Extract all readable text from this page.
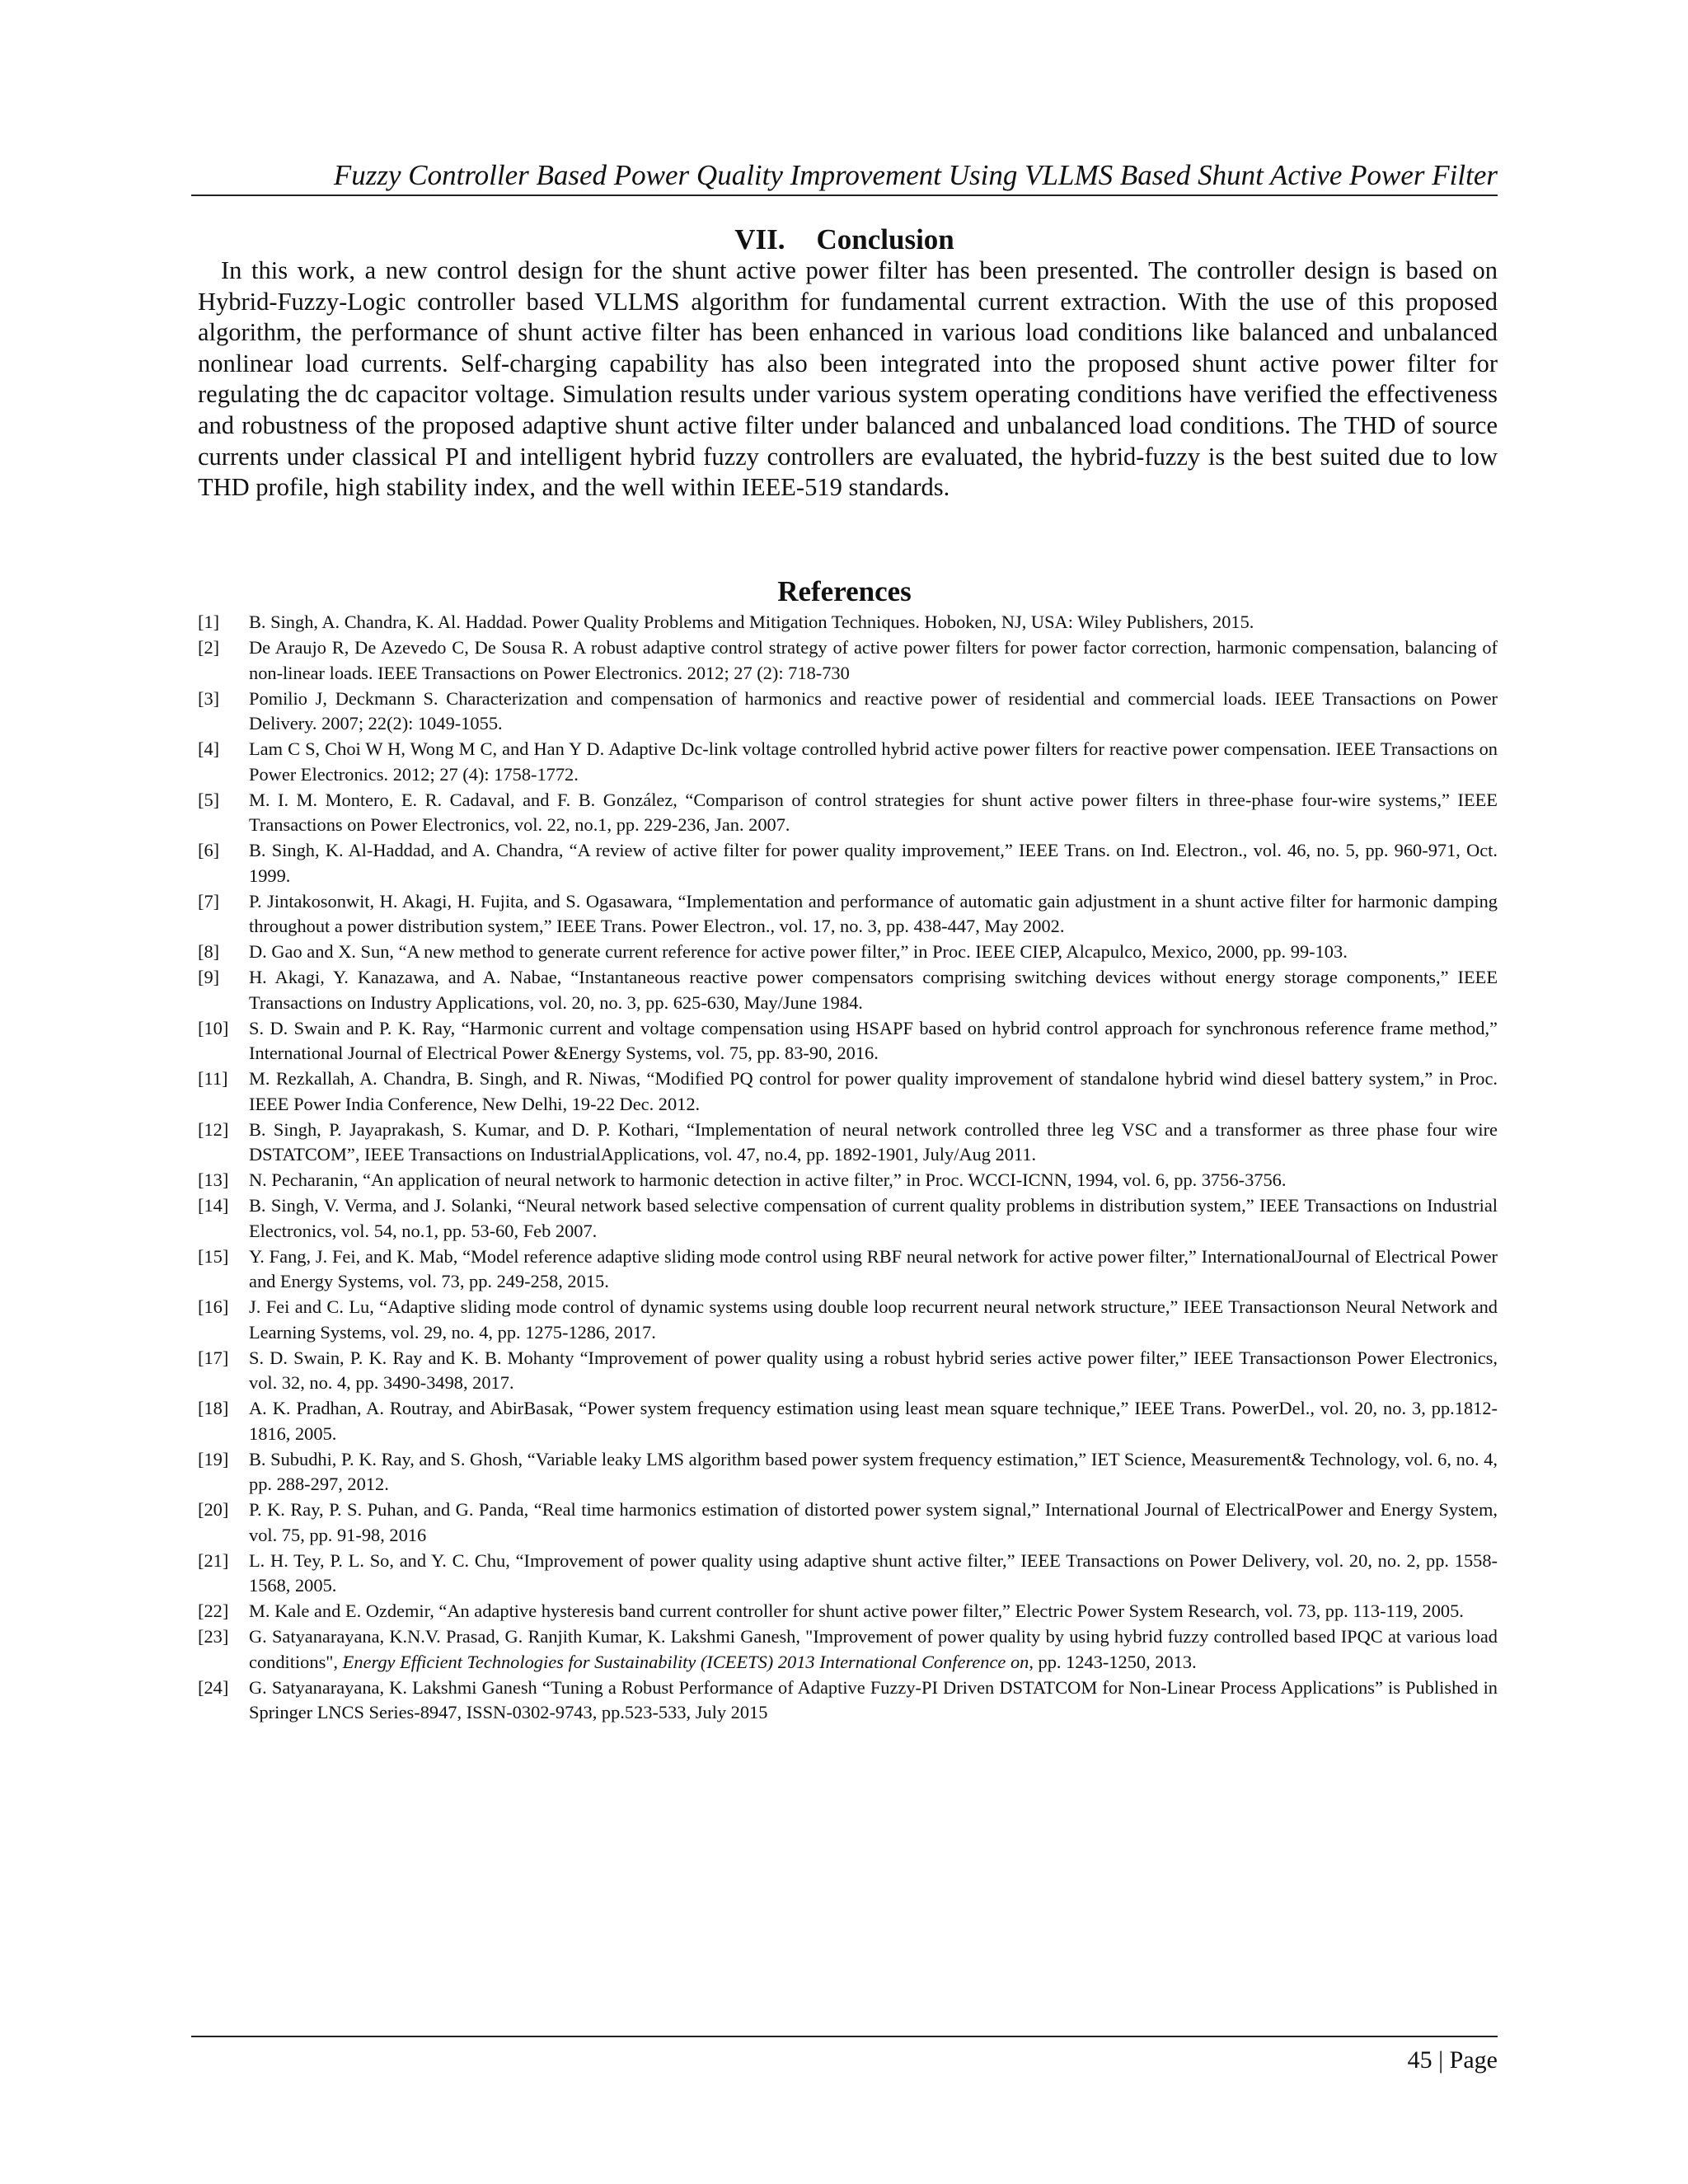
Fuzzy Controller Based Power Quality Improvement Using VLLMS Based Shunt Active Power Filter
VII. Conclusion

In this work, a new control design for the shunt active power filter has been presented. The controller design is based on Hybrid-Fuzzy-Logic controller based VLLMS algorithm for fundamental current extraction. With the use of this proposed algorithm, the performance of shunt active filter has been enhanced in various load conditions like balanced and unbalanced nonlinear load currents. Self-charging capability has also been integrated into the proposed shunt active power filter for regulating the dc capacitor voltage. Simulation results under various system operating conditions have verified the effectiveness and robustness of the proposed adaptive shunt active filter under balanced and unbalanced load conditions. The THD of source currents under classical PI and intelligent hybrid fuzzy controllers are evaluated, the hybrid-fuzzy is the best suited due to low THD profile, high stability index, and the well within IEEE-519 standards.

References
[1]	B. Singh, A. Chandra, K. Al. Haddad. Power Quality Problems and Mitigation Techniques. Hoboken, NJ, USA: Wiley Publishers, 2015.
[2]	De Araujo R, De Azevedo C, De Sousa R. A robust adaptive control strategy of active power filters for power factor correction, harmonic compensation, balancing of non-linear loads. IEEE Transactions on Power Electronics. 2012; 27 (2): 718-730
[3]	Pomilio J, Deckmann S. Characterization and compensation of harmonics and reactive power of residential and commercial loads. IEEE Transactions on Power Delivery. 2007; 22(2): 1049-1055.
[4]	Lam C S, Choi W H, Wong M C, and Han Y D. Adaptive Dc-link voltage controlled hybrid active power filters for reactive power compensation. IEEE Transactions on Power Electronics. 2012; 27 (4): 1758-1772.
[5]	M. I. M. Montero, E. R. Cadaval, and F. B. González, “Comparison of control strategies for shunt active power filters in three-phase four-wire systems,” IEEE Transactions on Power Electronics, vol. 22, no.1, pp. 229-236, Jan. 2007.
[6]	B. Singh, K. Al-Haddad, and A. Chandra, “A review of active filter for power quality improvement,” IEEE Trans. on Ind. Electron., vol. 46, no. 5, pp. 960-971, Oct. 1999.
[7]	P. Jintakosonwit, H. Akagi, H. Fujita, and S. Ogasawara, “Implementation and performance of automatic gain adjustment in a shunt active filter for harmonic damping throughout a power distribution system,” IEEE Trans. Power Electron., vol. 17, no. 3, pp. 438-447, May 2002.
[8]	D. Gao and X. Sun, “A new method to generate current reference for active power filter,” in Proc. IEEE CIEP, Alcapulco, Mexico, 2000, pp. 99-103.
[9]	H. Akagi, Y. Kanazawa, and A. Nabae, “Instantaneous reactive power compensators comprising switching devices without energy storage components,” IEEE Transactions on Industry Applications, vol. 20, no. 3, pp. 625-630, May/June 1984.
[10]	S. D. Swain and P. K. Ray, “Harmonic current and voltage compensation using HSAPF based on hybrid control approach for synchronous reference frame method,” International Journal of Electrical Power &Energy Systems, vol. 75, pp. 83-90, 2016.
[11]	M. Rezkallah, A. Chandra, B. Singh, and R. Niwas, “Modified PQ control for power quality improvement of standalone hybrid wind diesel battery system,” in Proc. IEEE Power India Conference, New Delhi, 19-22 Dec. 2012.
[12]	B. Singh, P. Jayaprakash, S. Kumar, and D. P. Kothari, “Implementation of neural network controlled three leg VSC and a transformer as three phase four wire DSTATCOM”, IEEE Transactions on IndustrialApplications, vol. 47, no.4, pp. 1892-1901, July/Aug 2011.
[13]	N. Pecharanin, “An application of neural network to harmonic detection in active filter,” in Proc. WCCI-ICNN, 1994, vol. 6, pp. 3756-3756.
[14]	B. Singh, V. Verma, and J. Solanki, “Neural network based selective compensation of current quality problems in distribution system,” IEEE Transactions on Industrial Electronics, vol. 54, no.1, pp. 53-60, Feb 2007.
[15]	Y. Fang, J. Fei, and K. Mab, “Model reference adaptive sliding mode control using RBF neural network for active power filter,” InternationalJournal of Electrical Power and Energy Systems, vol. 73, pp. 249-258, 2015.
[16]	J. Fei and C. Lu, “Adaptive sliding mode control of dynamic systems using double loop recurrent neural network structure,” IEEE Transactionson Neural Network and Learning Systems, vol. 29, no. 4, pp. 1275-1286, 2017.
[17]	S. D. Swain, P. K. Ray and K. B. Mohanty “Improvement of power quality using a robust hybrid series active power filter,” IEEE Transactionson Power Electronics, vol. 32, no. 4, pp. 3490-3498, 2017.
[18]	A. K. Pradhan, A. Routray, and AbirBasak, “Power system frequency estimation using least mean square technique,” IEEE Trans. PowerDel., vol. 20, no. 3, pp.1812-1816, 2005.
[19]	B. Subudhi, P. K. Ray, and S. Ghosh, “Variable leaky LMS algorithm based power system frequency estimation,” IET Science, Measurement& Technology, vol. 6, no. 4, pp. 288-297, 2012.
[20]	P. K. Ray, P. S. Puhan, and G. Panda, “Real time harmonics estimation of distorted power system signal,” International Journal of ElectricalPower and Energy System, vol. 75, pp. 91-98, 2016
[21]	L. H. Tey, P. L. So, and Y. C. Chu, “Improvement of power quality using adaptive shunt active filter,” IEEE Transactions on Power Delivery, vol. 20, no. 2, pp. 1558-1568, 2005.
[22]	M. Kale and E. Ozdemir, “An adaptive hysteresis band current controller for shunt active power filter,” Electric Power System Research, vol. 73, pp. 113-119, 2005.
[23]	G. Satyanarayana, K.N.V. Prasad, G. Ranjith Kumar, K. Lakshmi Ganesh, "Improvement of power quality by using hybrid fuzzy controlled based IPQC at various load conditions", Energy Efficient Technologies for Sustainability (ICEETS) 2013 International Conference on, pp. 1243-1250, 2013.
[24]	G. Satyanarayana, K. Lakshmi Ganesh “Tuning a Robust Performance of Adaptive Fuzzy-PI Driven DSTATCOM for Non-Linear Process Applications” is Published in Springer LNCS Series-8947, ISSN-0302-9743, pp.523-533, July 2015
45 | Page
